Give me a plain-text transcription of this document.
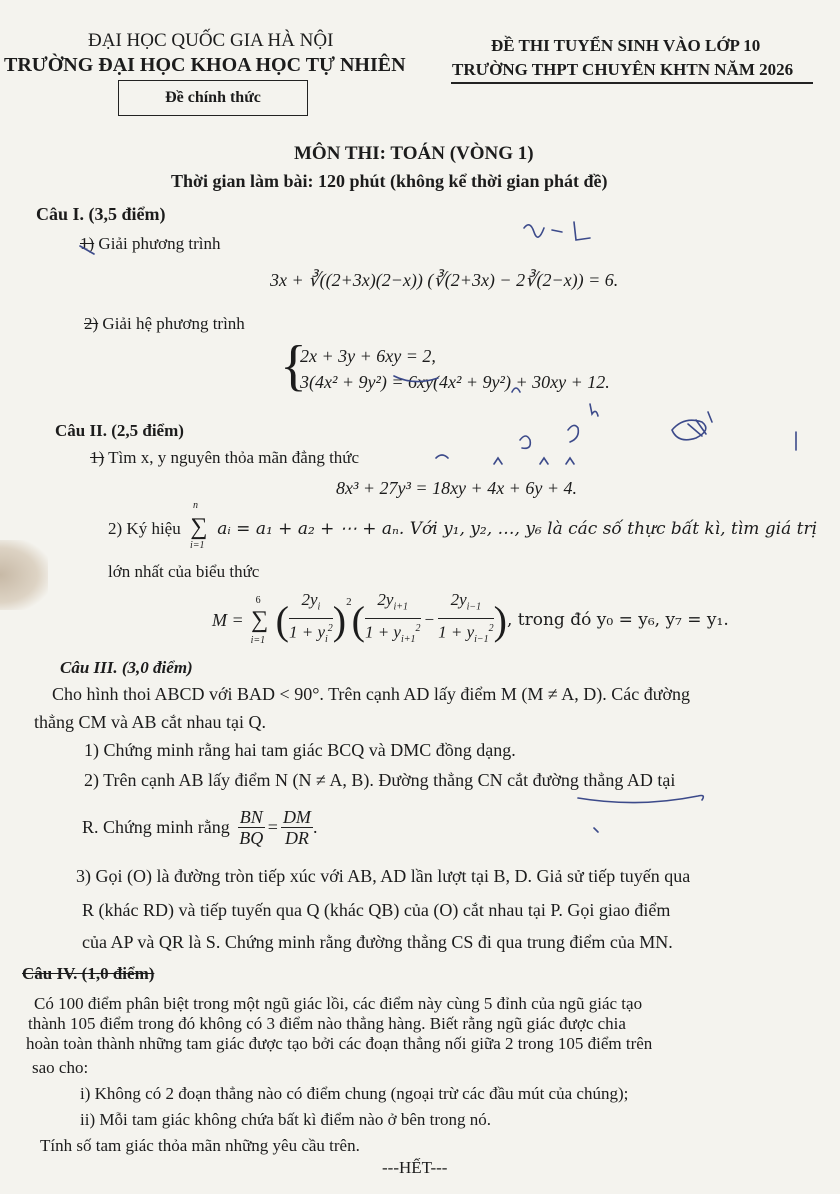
ĐẠI HỌC QUỐC GIA HÀ NỘI
TRƯỜNG ĐẠI HỌC KHOA HỌC TỰ NHIÊN
ĐỀ THI TUYỂN SINH VÀO LỚP 10
TRƯỜNG THPT CHUYÊN KHTN NĂM 2026
Đề chính thức
MÔN THI: TOÁN (VÒNG 1)
Thời gian làm bài: 120 phút (không kể thời gian phát đề)
Câu I. (3,5 điểm)
1) Giải phương trình
3x + ∛((2+3x)(2−x)) (∛(2+3x) − 2∛(2−x)) = 6.
2) Giải hệ phương trình
{
2x + 3y + 6xy = 2,
3(4x² + 9y²) = 6xy(4x² + 9y²) + 30xy + 12.
Câu II. (2,5 điểm)
1) Tìm x, y nguyên thỏa mãn đẳng thức
8x³ + 27y³ = 18xy + 4x + 6y + 4.
2) Ký hiệu
n
∑
i=1
aᵢ = a₁ + a₂ + ⋯ + aₙ. Với y₁, y₂, …, y₆ là các số thực bất kì, tìm giá trị
lớn nhất của biểu thức
M =
6
∑
i=1 ( $\frac{2y_i}{1 + y_i^2} )^2$ ( $\frac{2y_{i+1}}{1 + y_{i+1}^2} - \frac{2y_{i-1}}{1 + y_{i-1}^2}$ ) , trong đó y₀ = y₆, y₇ = y₁.
Câu III. (3,0 điểm)
Cho hình thoi ABCD với BAD < 90°. Trên cạnh AD lấy điểm M (M ≠ A, D). Các đường
thẳng CM và AB cắt nhau tại Q.
1) Chứng minh rằng hai tam giác BCQ và DMC đồng dạng.
2) Trên cạnh AB lấy điểm N (N ≠ A, B). Đường thẳng CN cắt đường thẳng AD tại
R. Chứng minh rằng $\frac{BN}{BQ} = \frac{DM}{DR}$ .
3) Gọi (O) là đường tròn tiếp xúc với AB, AD lần lượt tại B, D. Giả sử tiếp tuyến qua
R (khác RD) và tiếp tuyến qua Q (khác QB) của (O) cắt nhau tại P. Gọi giao điểm
của AP và QR là S. Chứng minh rằng đường thẳng CS đi qua trung điểm của MN.
Câu IV. (1,0 điểm)
Có 100 điểm phân biệt trong một ngũ giác lồi, các điểm này cùng 5 đỉnh của ngũ giác tạo
thành 105 điểm trong đó không có 3 điểm nào thẳng hàng. Biết rằng ngũ giác được chia
hoàn toàn thành những tam giác được tạo bởi các đoạn thẳng nối giữa 2 trong 105 điểm trên
sao cho:
i) Không có 2 đoạn thẳng nào có điểm chung (ngoại trừ các đầu mút của chúng);
ii) Mỗi tam giác không chứa bất kì điểm nào ở bên trong nó.
Tính số tam giác thỏa mãn những yêu cầu trên.
---HẾT---
